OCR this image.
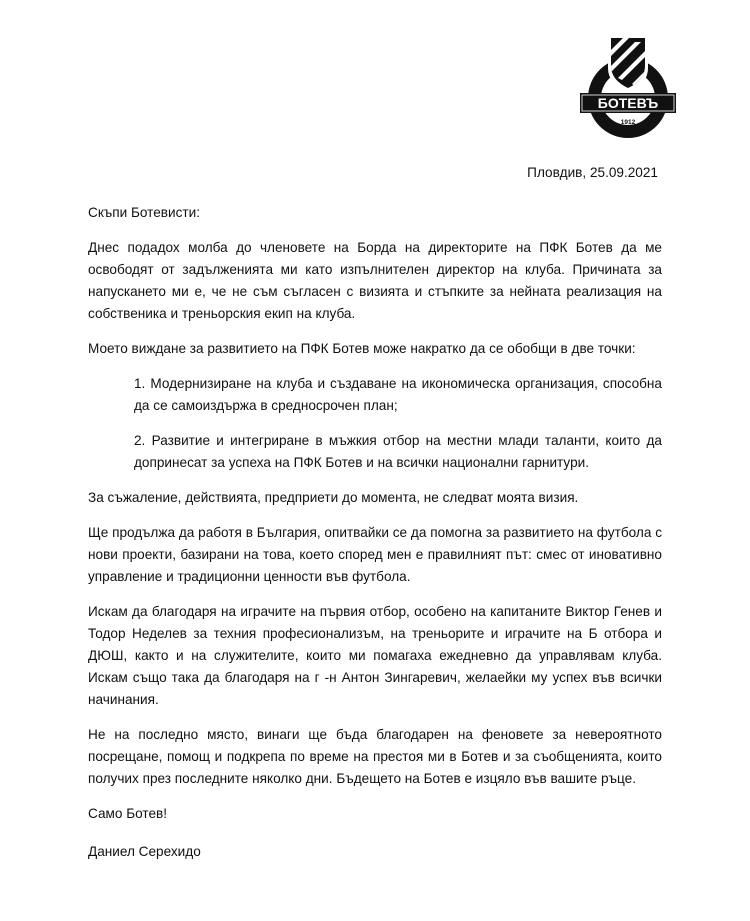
БОТЕВЪ
1912
Пловдив, 25.09.2021
Скъпи Ботевисти:
Днес подадох молба до членовете на Борда на директорите на ПФК Ботев да ме освободят от задълженията ми като изпълнителен директор на клуба. Причината за напускането ми е, че не съм съгласен с визията и стъпките за нейната реализация на собственика и треньорския екип на клуба.
Моето виждане за развитието на ПФК Ботев може накратко да се обобщи в две точки:
1. Модернизиране на клуба и създаване на икономическа организация, способна да се самоиздържа в средносрочен план;
2. Развитие и интегриране в мъжкия отбор на местни млади таланти, които да допринесат за успеха на ПФК Ботев и на всички национални гарнитури.
За съжаление, действията, предприети до момента, не следват моята визия.
Ще продължа да работя в България, опитвайки се да помогна за развитието на футбола с нови проекти, базирани на това, което според мен е правилният път: смес от иновативно управление и традиционни ценности във футбола.
Искам да благодаря на играчите на първия отбор, особено на капитаните Виктор Генев и Тодор Неделев за техния професионализъм, на треньорите и играчите на Б отбора и ДЮШ, както и на служителите, които ми помагаха ежедневно да управлявам клуба. Искам също така да благодаря на г -н Антон Зингаревич, желаейки му успех във всички начинания.
Не на последно място, винаги ще бъда благодарен на феновете за невероятното посрещане, помощ и подкрепа по време на престоя ми в Ботев и за съобщенията, които получих през последните няколко дни. Бъдещето на Ботев е изцяло във вашите ръце.
Само Ботев!
Даниел Серехидо
